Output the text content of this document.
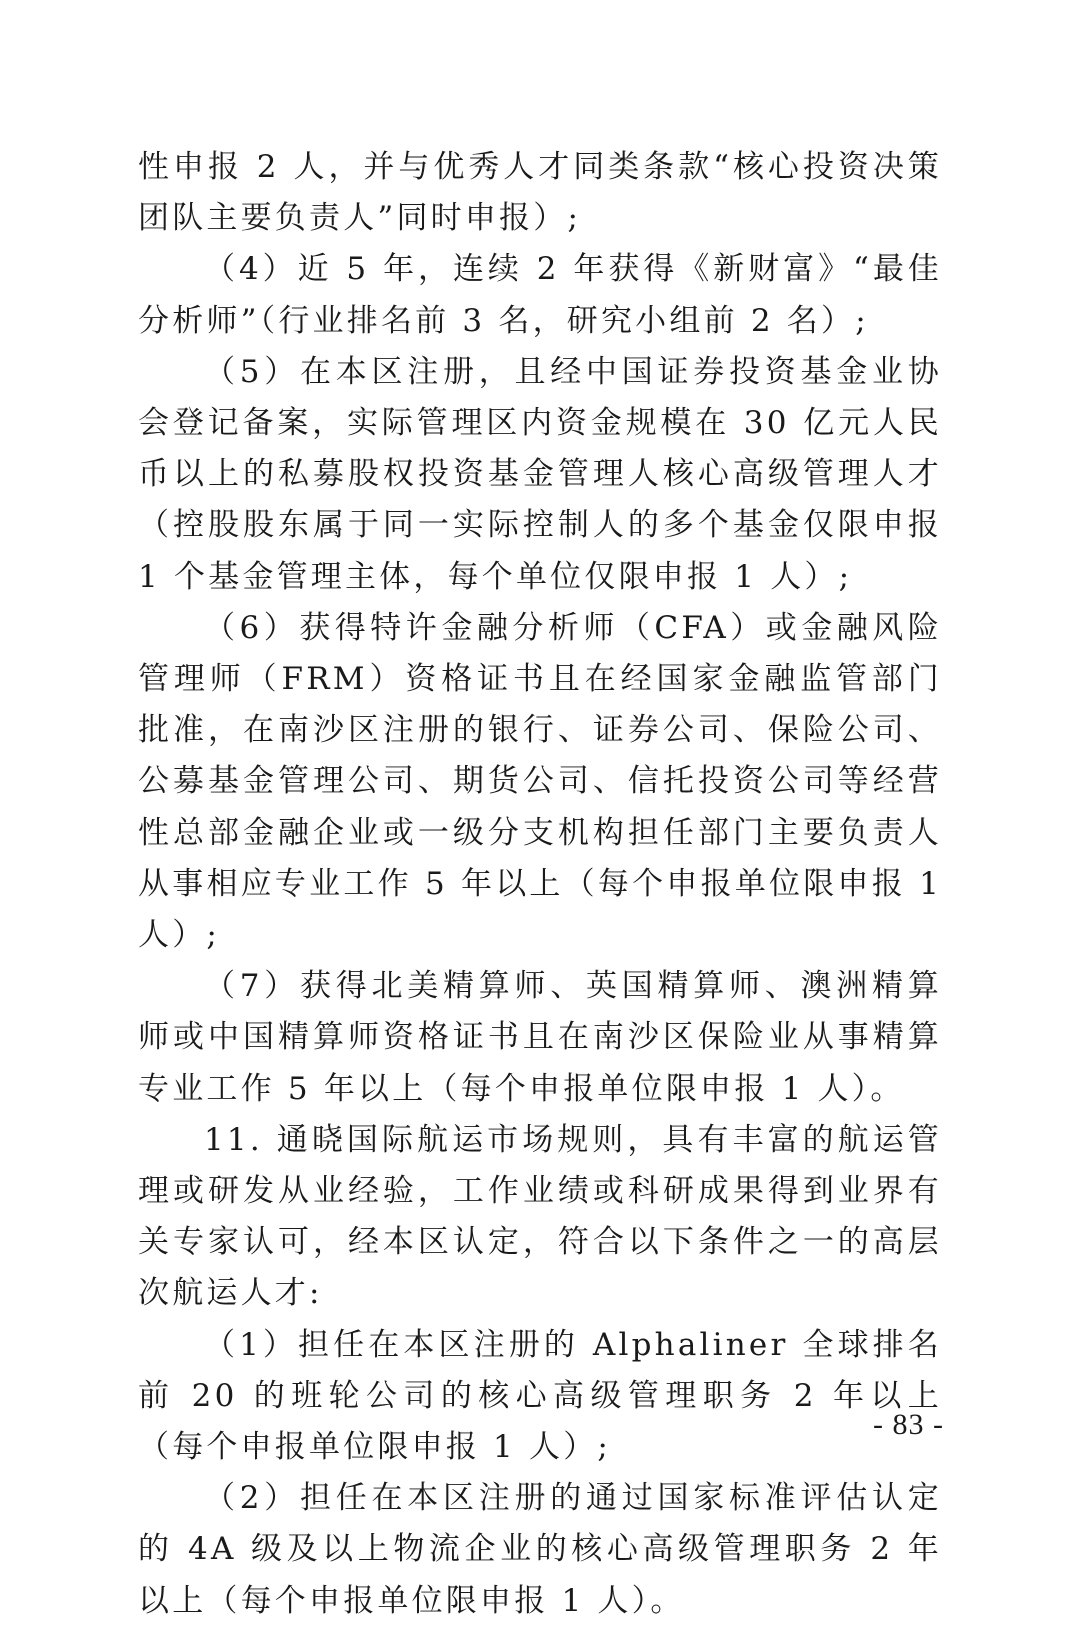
性申报 2 人，并与优秀人才同类条款“核心投资决策团队主要负责人”同时申报）;

（4）近 5 年，连续 2 年获得《新财富》“最佳分析师”（行业排名前 3 名，研究小组前 2 名）;

（5）在本区注册，且经中国证券投资基金业协会登记备案，实际管理区内资金规模在 30 亿元人民币以上的私募股权投资基金管理人核心高级管理人才（控股股东属于同一实际控制人的多个基金仅限申报 1 个基金管理主体，每个单位仅限申报 1 人）;

（6）获得特许金融分析师（CFA）或金融风险管理师（FRM）资格证书且在经国家金融监管部门批准，在南沙区注册的银行、证券公司、保险公司、公募基金管理公司、期货公司、信托投资公司等经营性总部金融企业或一级分支机构担任部门主要负责人从事相应专业工作 5 年以上（每个申报单位限申报 1 人）;

（7）获得北美精算师、英国精算师、澳洲精算师或中国精算师资格证书且在南沙区保险业从事精算专业工作 5 年以上（每个申报单位限申报 1 人）。

11. 通晓国际航运市场规则，具有丰富的航运管理或研发从业经验，工作业绩或科研成果得到业界有关专家认可，经本区认定，符合以下条件之一的高层次航运人才:

（1）担任在本区注册的 Alphaliner 全球排名前 20 的班轮公司的核心高级管理职务 2 年以上（每个申报单位限申报 1 人）;

（2）担任在本区注册的通过国家标准评估认定的 4A 级及以上物流企业的核心高级管理职务 2 年以上（每个申报单位限申报 1 人）。

- 83 -
